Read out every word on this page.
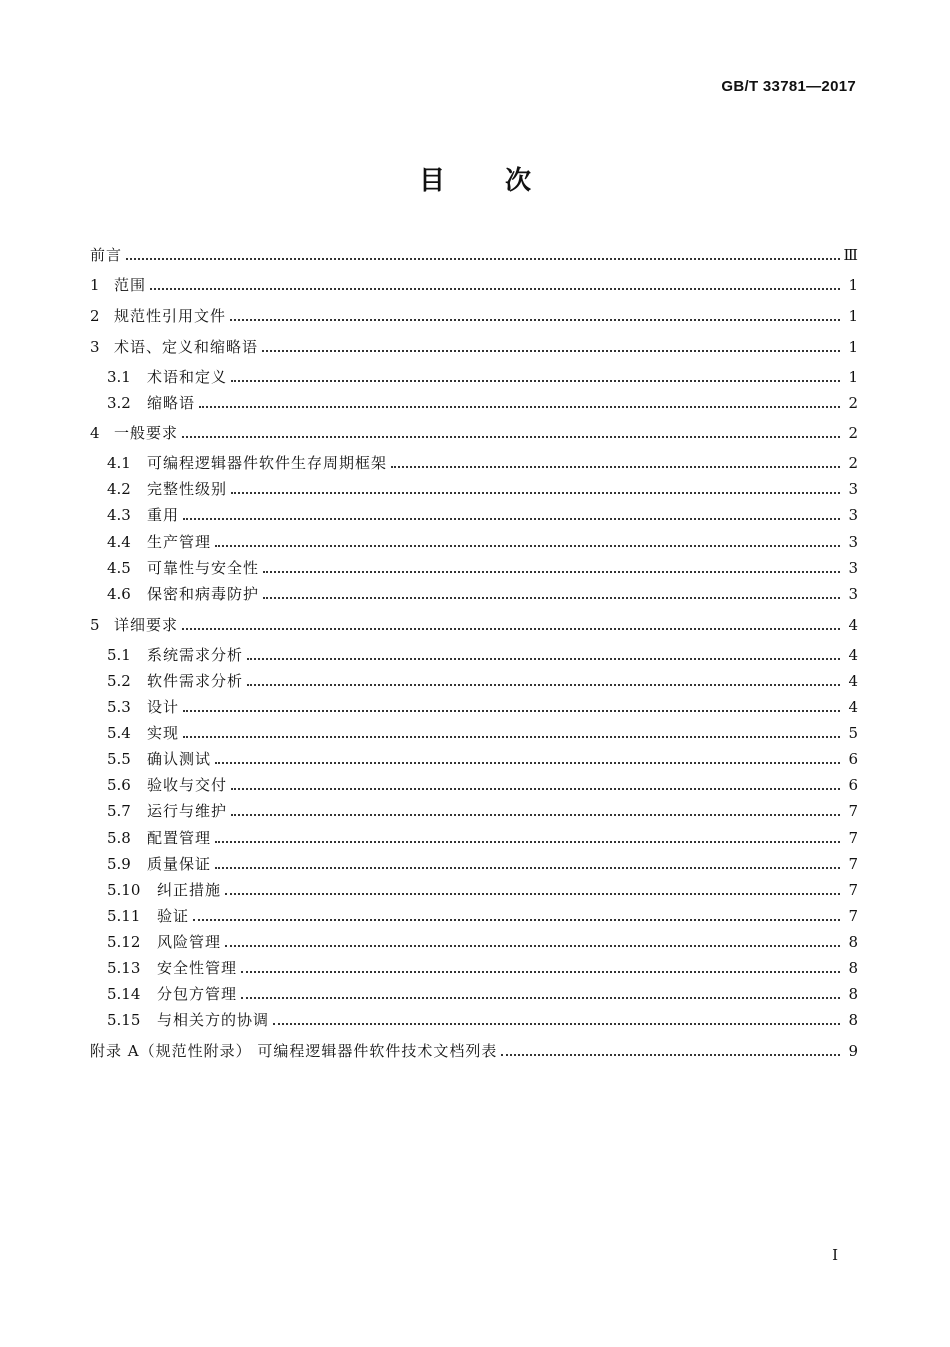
GB/T 33781—2017
目 次
前言	Ⅲ
1 范围	1
2 规范性引用文件	1
3 术语、定义和缩略语	1
3.1	术语和定义	1
3.2	缩略语	2
4 一般要求	2
4.1	可编程逻辑器件软件生存周期框架	2
4.2	完整性级别	3
4.3	重用	3
4.4	生产管理	3
4.5	可靠性与安全性	3
4.6	保密和病毒防护	3
5 详细要求	4
5.1	系统需求分析	4
5.2	软件需求分析	4
5.3	设计	4
5.4	实现	5
5.5	确认测试	6
5.6	验收与交付	6
5.7	运行与维护	7
5.8	配置管理	7
5.9	质量保证	7
5.10	纠正措施	7
5.11	验证	7
5.12	风险管理	8
5.13	安全性管理	8
5.14	分包方管理	8
5.15	与相关方的协调	8
附录 A（规范性附录） 可编程逻辑器件软件技术文档列表	9
I
